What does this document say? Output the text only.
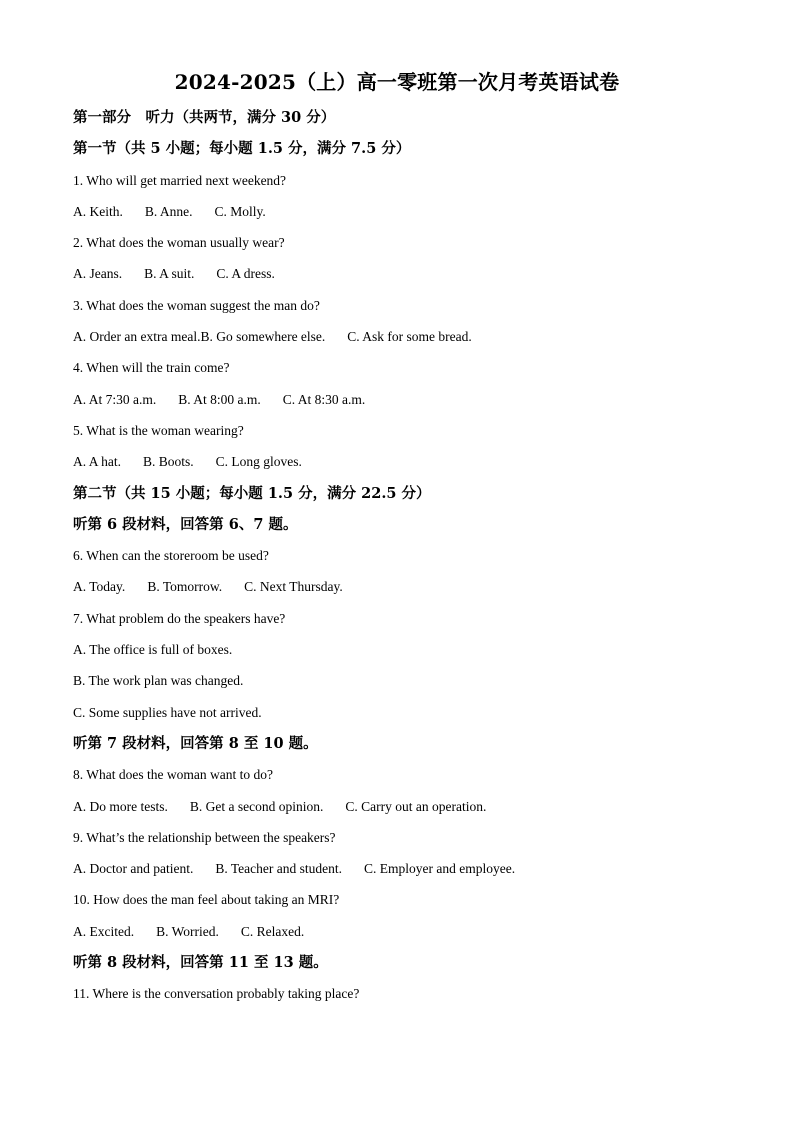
2024-2025（上）高一零班第一次月考英语试卷
第一部分　听力（共两节，满分 30 分）
第一节（共 5 小题；每小题 1.5 分，满分 7.5 分）
1. Who will get married next weekend?
A. Keith. B. Anne. C. Molly.
2. What does the woman usually wear?
A. Jeans. B. A suit. C. A dress.
3. What does the woman suggest the man do?
A. Order an extra meal.B. Go somewhere else. C. Ask for some bread.
4. When will the train come?
A. At 7:30 a.m. B. At 8:00 a.m. C. At 8:30 a.m.
5. What is the woman wearing?
A. A hat. B. Boots. C. Long gloves.
第二节（共 15 小题；每小题 1.5 分，满分 22.5 分）
听第 6 段材料，回答第 6、7 题。
6. When can the storeroom be used?
A. Today. B. Tomorrow. C. Next Thursday.
7. What problem do the speakers have?
A. The office is full of boxes.
B. The work plan was changed.
C. Some supplies have not arrived.
听第 7 段材料，回答第 8 至 10 题。
8. What does the woman want to do?
A. Do more tests. B. Get a second opinion. C. Carry out an operation.
9. What’s the relationship between the speakers?
A. Doctor and patient. B. Teacher and student. C. Employer and employee.
10. How does the man feel about taking an MRI?
A. Excited. B. Worried. C. Relaxed.
听第 8 段材料，回答第 11 至 13 题。
11. Where is the conversation probably taking place?
